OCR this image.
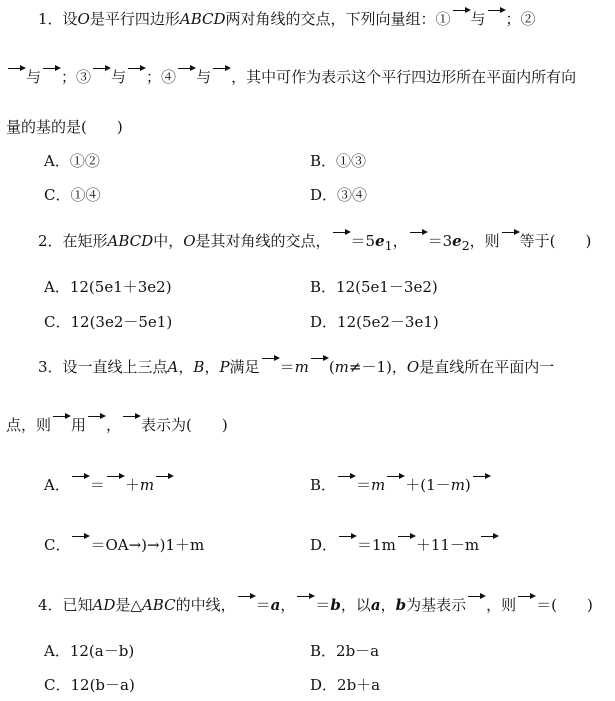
1．设O是平行四边形ABCD两对角线的交点，下列向量组：① 与 ；②
与 ；③ 与 ；④ 与 ，其中可作为表示这个平行四边形所在平面内所有向
量的基的是(　　)
A．①②	B．①③
C．①④	D．③④
2．在矩形ABCD中，O是其对角线的交点， $=5e_1$， $=3e_2$，则 等于(　　)
A．12(5e1＋3e2)	B．12(5e1－3e2)
C．12(3e2－5e1)	D．12(5e2－3e1)
3．设一直线上三点A，B，P满足 ＝m (m≠－1)，O是直线所在平面内一
点，则 用 ， 表示为(　　)
A． ＝ ＋m	B． ＝m ＋(1－m)
C． ＝OA→)→)1＋m	D． ＝1m ＋11－m
4．已知AD是△ABC的中线， ＝a， ＝b，以a，b为基表示 ，则 ＝(　　)
A．12(a－b)	B．2b－a
C．12(b－a)	D．2b＋a
